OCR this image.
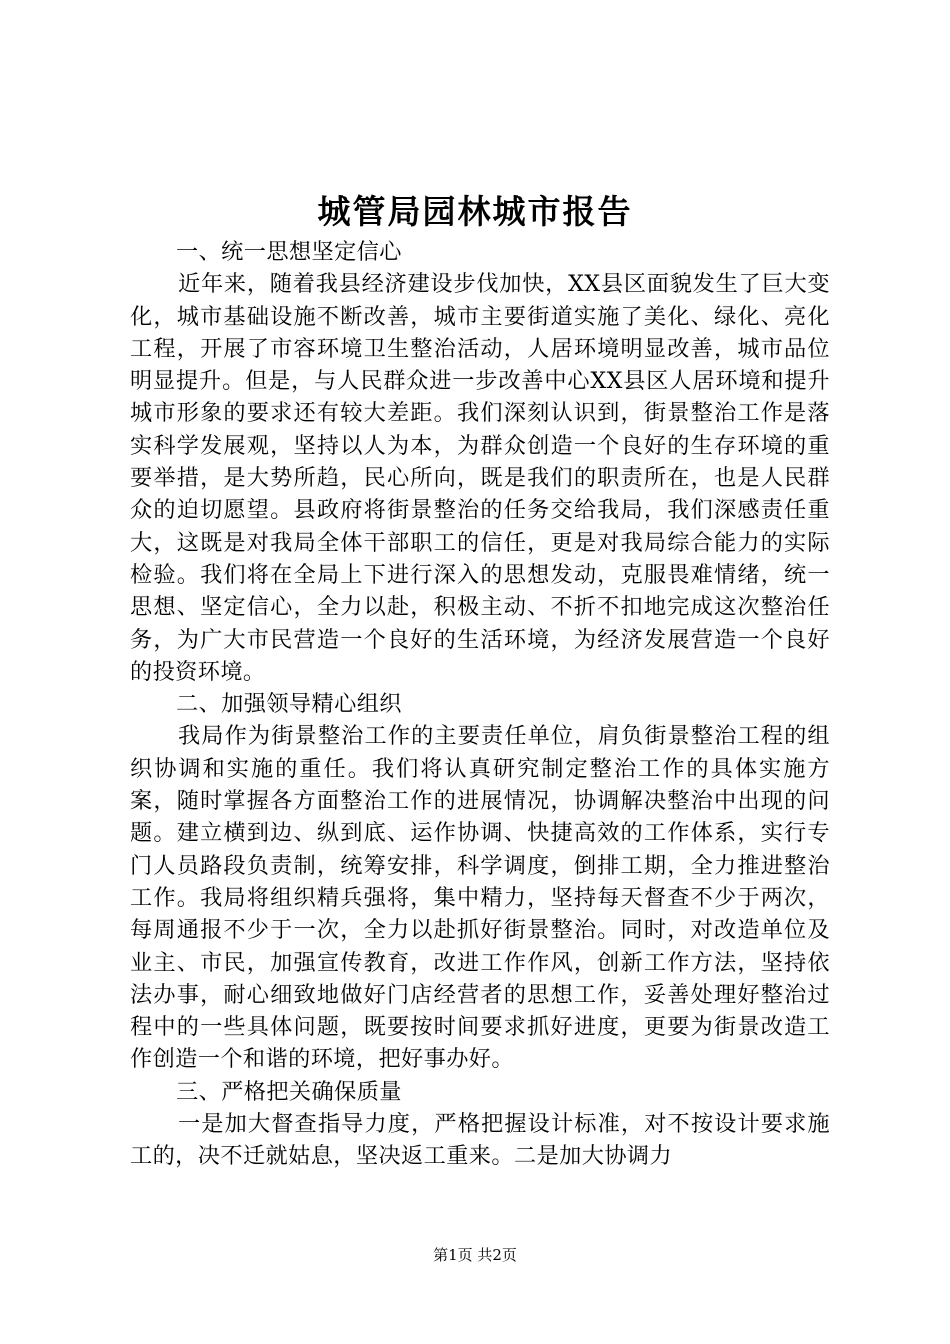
城管局园林城市报告

一、统一思想坚定信心

近年来，随着我县经济建设步伐加快，XX县区面貌发生了巨大变化，城市基础设施不断改善，城市主要街道实施了美化、绿化、亮化工程，开展了市容环境卫生整治活动，人居环境明显改善，城市品位明显提升。但是，与人民群众进一步改善中心XX县区人居环境和提升城市形象的要求还有较大差距。我们深刻认识到，街景整治工作是落实科学发展观，坚持以人为本，为群众创造一个良好的生存环境的重要举措，是大势所趋，民心所向，既是我们的职责所在，也是人民群众的迫切愿望。县政府将街景整治的任务交给我局，我们深感责任重大，这既是对我局全体干部职工的信任，更是对我局综合能力的实际检验。我们将在全局上下进行深入的思想发动，克服畏难情绪，统一思想、坚定信心，全力以赴，积极主动、不折不扣地完成这次整治任务，为广大市民营造一个良好的生活环境，为经济发展营造一个良好的投资环境。

二、加强领导精心组织

我局作为街景整治工作的主要责任单位，肩负街景整治工程的组织协调和实施的重任。我们将认真研究制定整治工作的具体实施方案，随时掌握各方面整治工作的进展情况，协调解决整治中出现的问题。建立横到边、纵到底、运作协调、快捷高效的工作体系，实行专门人员路段负责制，统筹安排，科学调度，倒排工期，全力推进整治工作。我局将组织精兵强将，集中精力，坚持每天督查不少于两次，每周通报不少于一次，全力以赴抓好街景整治。同时，对改造单位及业主、市民，加强宣传教育，改进工作作风，创新工作方法，坚持依法办事，耐心细致地做好门店经营者的思想工作，妥善处理好整治过程中的一些具体问题，既要按时间要求抓好进度，更要为街景改造工作创造一个和谐的环境，把好事办好。

三、严格把关确保质量

一是加大督查指导力度，严格把握设计标准，对不按设计要求施工的，决不迁就姑息，坚决返工重来。二是加大协调力

第1页 共2页
